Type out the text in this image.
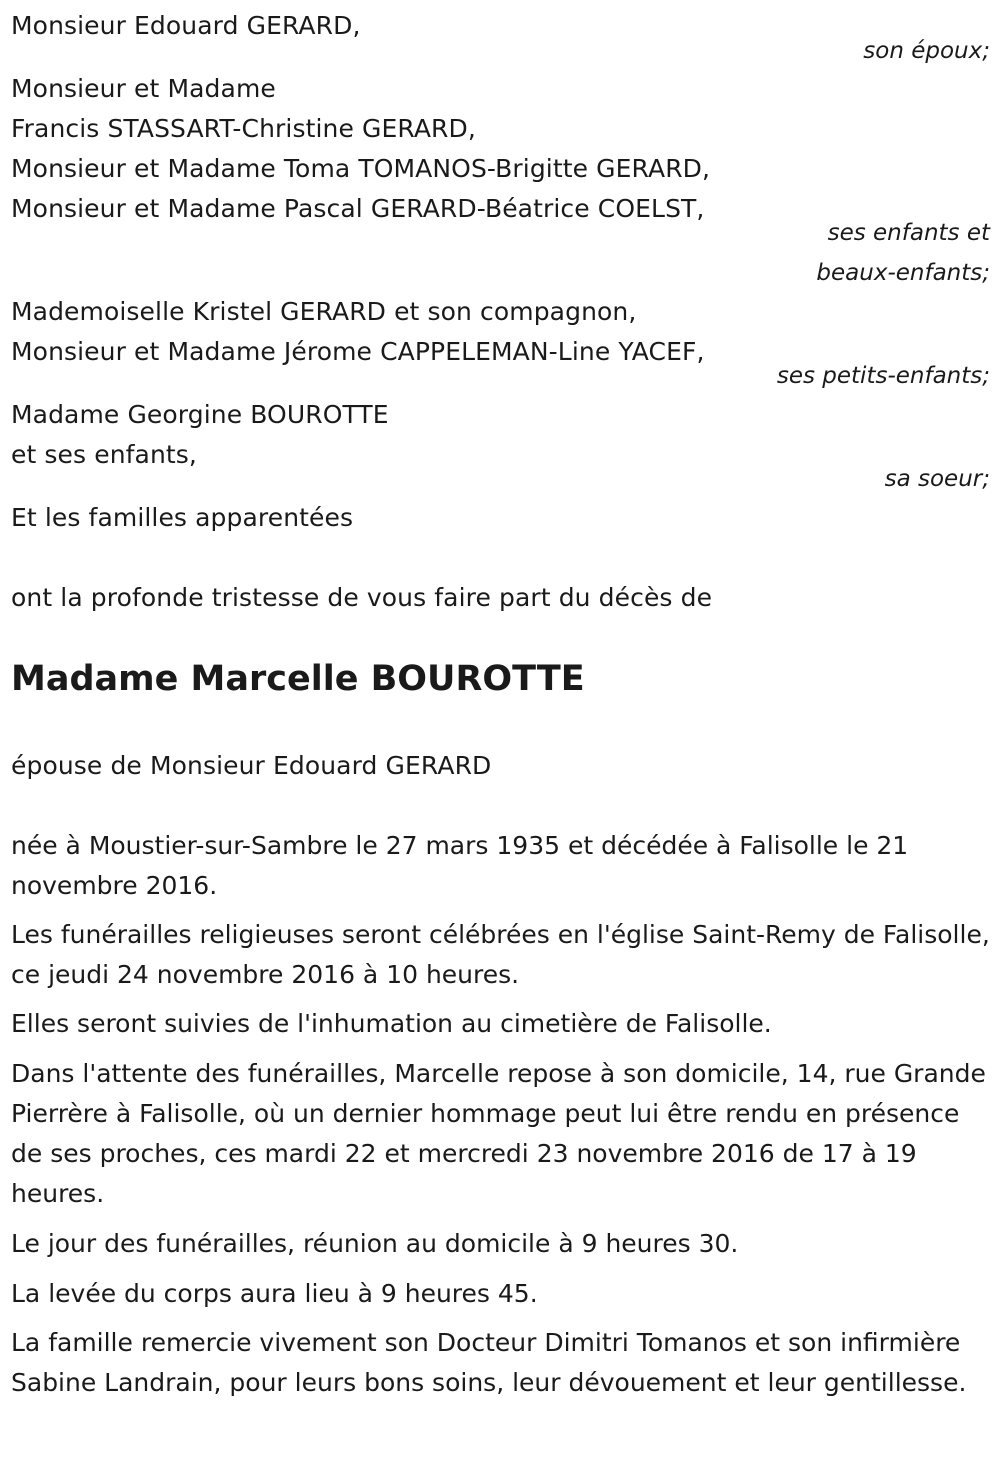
Monsieur Edouard GERARD,
son époux;
Monsieur et Madame
Francis STASSART-Christine GERARD,
Monsieur et Madame Toma TOMANOS-Brigitte GERARD,
Monsieur et Madame Pascal GERARD-Béatrice COELST,
ses enfants et
beaux-enfants;
Mademoiselle Kristel GERARD et son compagnon,
Monsieur et Madame Jérome CAPPELEMAN-Line YACEF,
ses petits-enfants;
Madame Georgine BOUROTTE
et ses enfants,
sa soeur;
Et les familles apparentées
ont la profonde tristesse de vous faire part du décès de
Madame Marcelle BOUROTTE
épouse de Monsieur Edouard GERARD
née à Moustier-sur-Sambre le 27 mars 1935 et décédée à Falisolle le 21 novembre 2016.
Les funérailles religieuses seront célébrées en l'église Saint-Remy de Falisolle, ce jeudi 24 novembre 2016 à 10 heures.
Elles seront suivies de l'inhumation au cimetière de Falisolle.
Dans l'attente des funérailles, Marcelle repose à son domicile, 14, rue Grande Pierrère à Falisolle, où un dernier hommage peut lui être rendu en présence de ses proches, ces mardi 22 et mercredi 23 novembre 2016 de 17 à 19 heures.
Le jour des funérailles, réunion au domicile à 9 heures 30.
La levée du corps aura lieu à 9 heures 45.
La famille remercie vivement son Docteur Dimitri Tomanos et son infirmière Sabine Landrain, pour leurs bons soins, leur dévouement et leur gentillesse.
